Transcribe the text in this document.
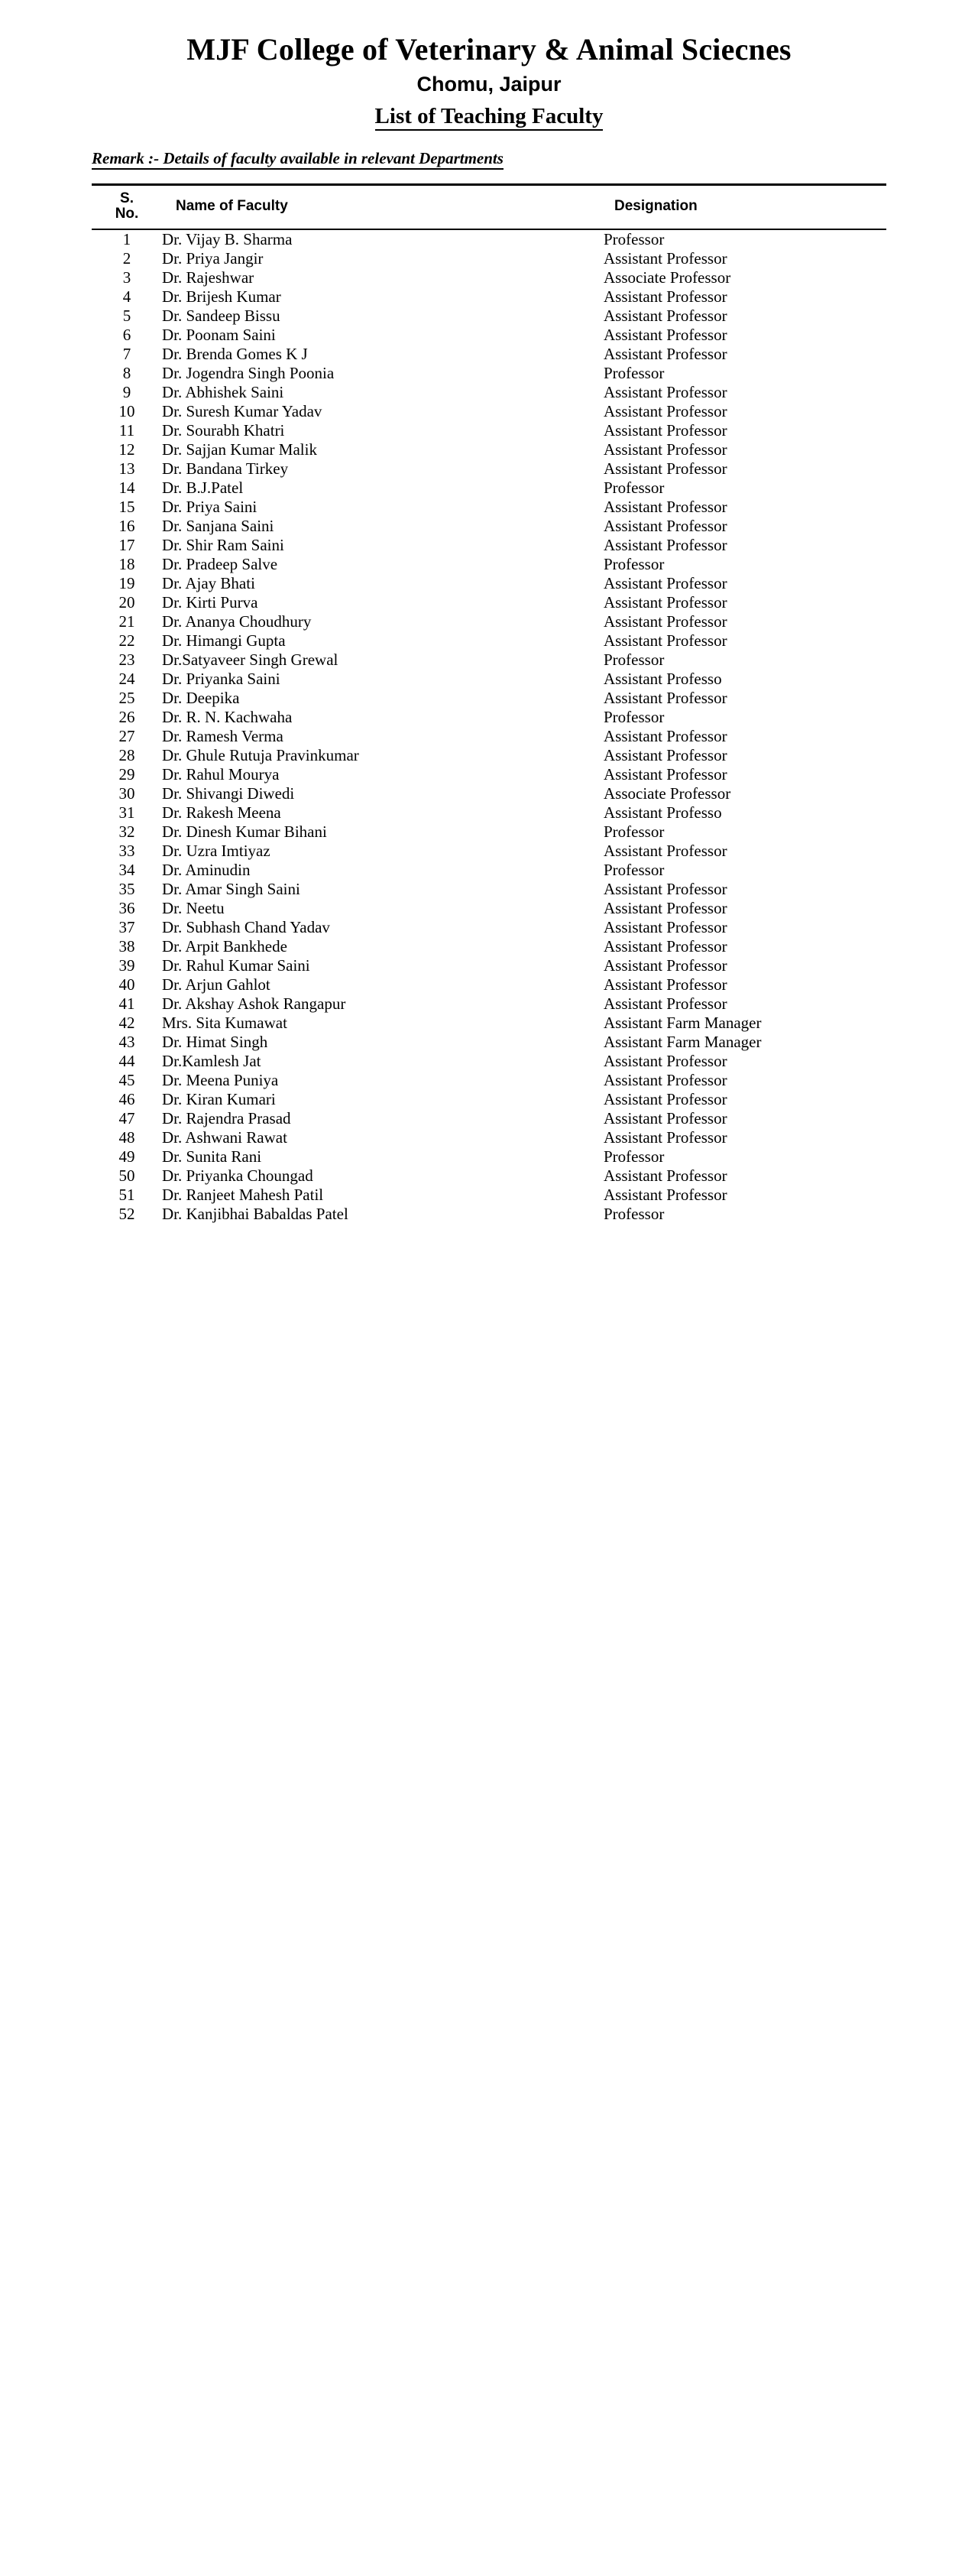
MJF College of Veterinary & Animal Sciecnes
Chomu, Jaipur
List of Teaching Faculty
Remark :- Details of faculty available in relevant Departments
S.
No.	Name of Faculty	Designation
1	Dr. Vijay B. Sharma	Professor
2	Dr. Priya Jangir	Assistant Professor
3	Dr. Rajeshwar	Associate Professor
4	Dr. Brijesh Kumar	Assistant Professor
5	Dr. Sandeep Bissu	Assistant Professor
6	Dr. Poonam Saini	Assistant Professor
7	Dr. Brenda Gomes K J	Assistant Professor
8	Dr. Jogendra Singh Poonia	Professor
9	Dr. Abhishek Saini	Assistant Professor
10	Dr. Suresh Kumar Yadav	Assistant Professor
11	Dr. Sourabh Khatri	Assistant Professor
12	Dr. Sajjan Kumar Malik	Assistant Professor
13	Dr. Bandana Tirkey	Assistant Professor
14	Dr. B.J.Patel	Professor
15	Dr. Priya Saini	Assistant Professor
16	Dr. Sanjana Saini	Assistant Professor
17	Dr. Shir Ram Saini	Assistant Professor
18	Dr. Pradeep Salve	Professor
19	Dr. Ajay Bhati	Assistant Professor
20	Dr. Kirti Purva	Assistant Professor
21	Dr. Ananya Choudhury	Assistant Professor
22	Dr. Himangi Gupta	Assistant Professor
23	Dr.Satyaveer Singh Grewal	Professor
24	Dr. Priyanka Saini	Assistant Professo
25	Dr. Deepika	Assistant Professor
26	Dr. R. N. Kachwaha	Professor
27	Dr. Ramesh Verma	Assistant Professor
28	Dr. Ghule Rutuja Pravinkumar	Assistant Professor
29	Dr. Rahul Mourya	Assistant Professor
30	Dr. Shivangi Diwedi	Associate Professor
31	Dr. Rakesh Meena	Assistant Professo
32	Dr. Dinesh Kumar Bihani	Professor
33	Dr. Uzra Imtiyaz	Assistant Professor
34	Dr. Aminudin	Professor
35	Dr. Amar Singh Saini	Assistant Professor
36	Dr. Neetu	Assistant Professor
37	Dr. Subhash Chand Yadav	Assistant Professor
38	Dr. Arpit Bankhede	Assistant Professor
39	Dr. Rahul Kumar Saini	Assistant Professor
40	Dr. Arjun Gahlot	Assistant Professor
41	Dr. Akshay Ashok Rangapur	Assistant Professor
42	Mrs. Sita Kumawat	Assistant Farm Manager
43	Dr. Himat Singh	Assistant Farm Manager
44	Dr.Kamlesh Jat	Assistant Professor
45	Dr. Meena Puniya	Assistant Professor
46	Dr. Kiran Kumari	Assistant Professor
47	Dr. Rajendra Prasad	Assistant Professor
48	Dr. Ashwani Rawat	Assistant Professor
49	Dr. Sunita Rani	Professor
50	Dr. Priyanka Choungad	Assistant Professor
51	Dr. Ranjeet Mahesh Patil	Assistant Professor
52	Dr. Kanjibhai Babaldas Patel	Professor
